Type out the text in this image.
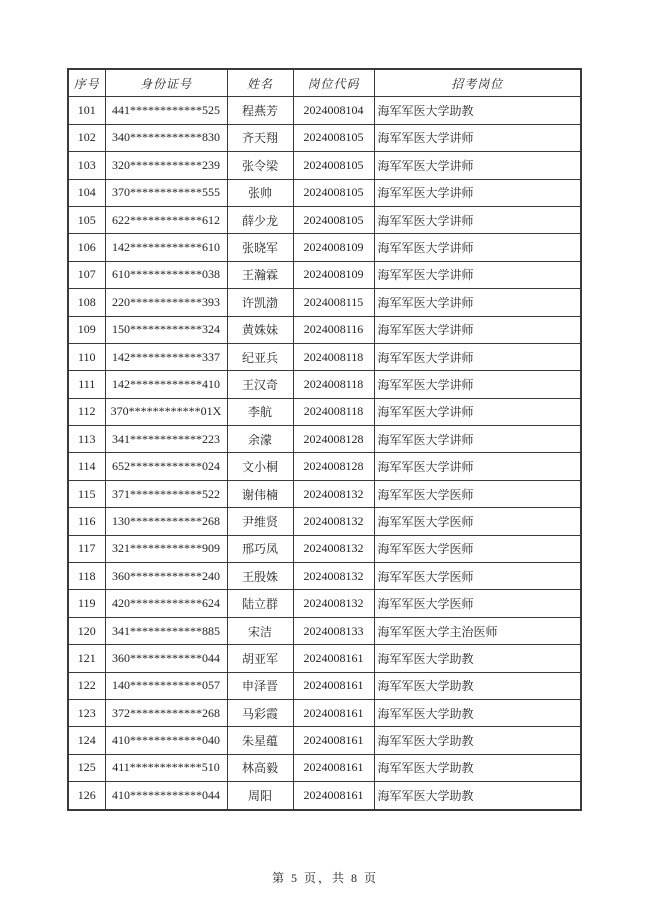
序号	身份证号	姓名	岗位代码	招考岗位
101	441************525	程燕芳	2024008104	海军军医大学助教
102	340************830	齐天翔	2024008105	海军军医大学讲师
103	320************239	张令梁	2024008105	海军军医大学讲师
104	370************555	张帅	2024008105	海军军医大学讲师
105	622************612	薛少龙	2024008105	海军军医大学讲师
106	142************610	张晓军	2024008109	海军军医大学讲师
107	610************038	王瀚霖	2024008109	海军军医大学讲师
108	220************393	许凯渤	2024008115	海军军医大学讲师
109	150************324	黄姝妹	2024008116	海军军医大学讲师
110	142************337	纪亚兵	2024008118	海军军医大学讲师
111	142************410	王汉奇	2024008118	海军军医大学讲师
112	370************01X	李航	2024008118	海军军医大学讲师
113	341************223	余濛	2024008128	海军军医大学讲师
114	652************024	文小桐	2024008128	海军军医大学讲师
115	371************522	谢伟楠	2024008132	海军军医大学医师
116	130************268	尹维贤	2024008132	海军军医大学医师
117	321************909	邢巧凤	2024008132	海军军医大学医师
118	360************240	王殷姝	2024008132	海军军医大学医师
119	420************624	陆立群	2024008132	海军军医大学医师
120	341************885	宋洁	2024008133	海军军医大学主治医师
121	360************044	胡亚军	2024008161	海军军医大学助教
122	140************057	申泽晋	2024008161	海军军医大学助教
123	372************268	马彩霞	2024008161	海军军医大学助教
124	410************040	朱星蕴	2024008161	海军军医大学助教
125	411************510	林高毅	2024008161	海军军医大学助教
126	410************044	周阳	2024008161	海军军医大学助教
第 5 页，共 8 页
